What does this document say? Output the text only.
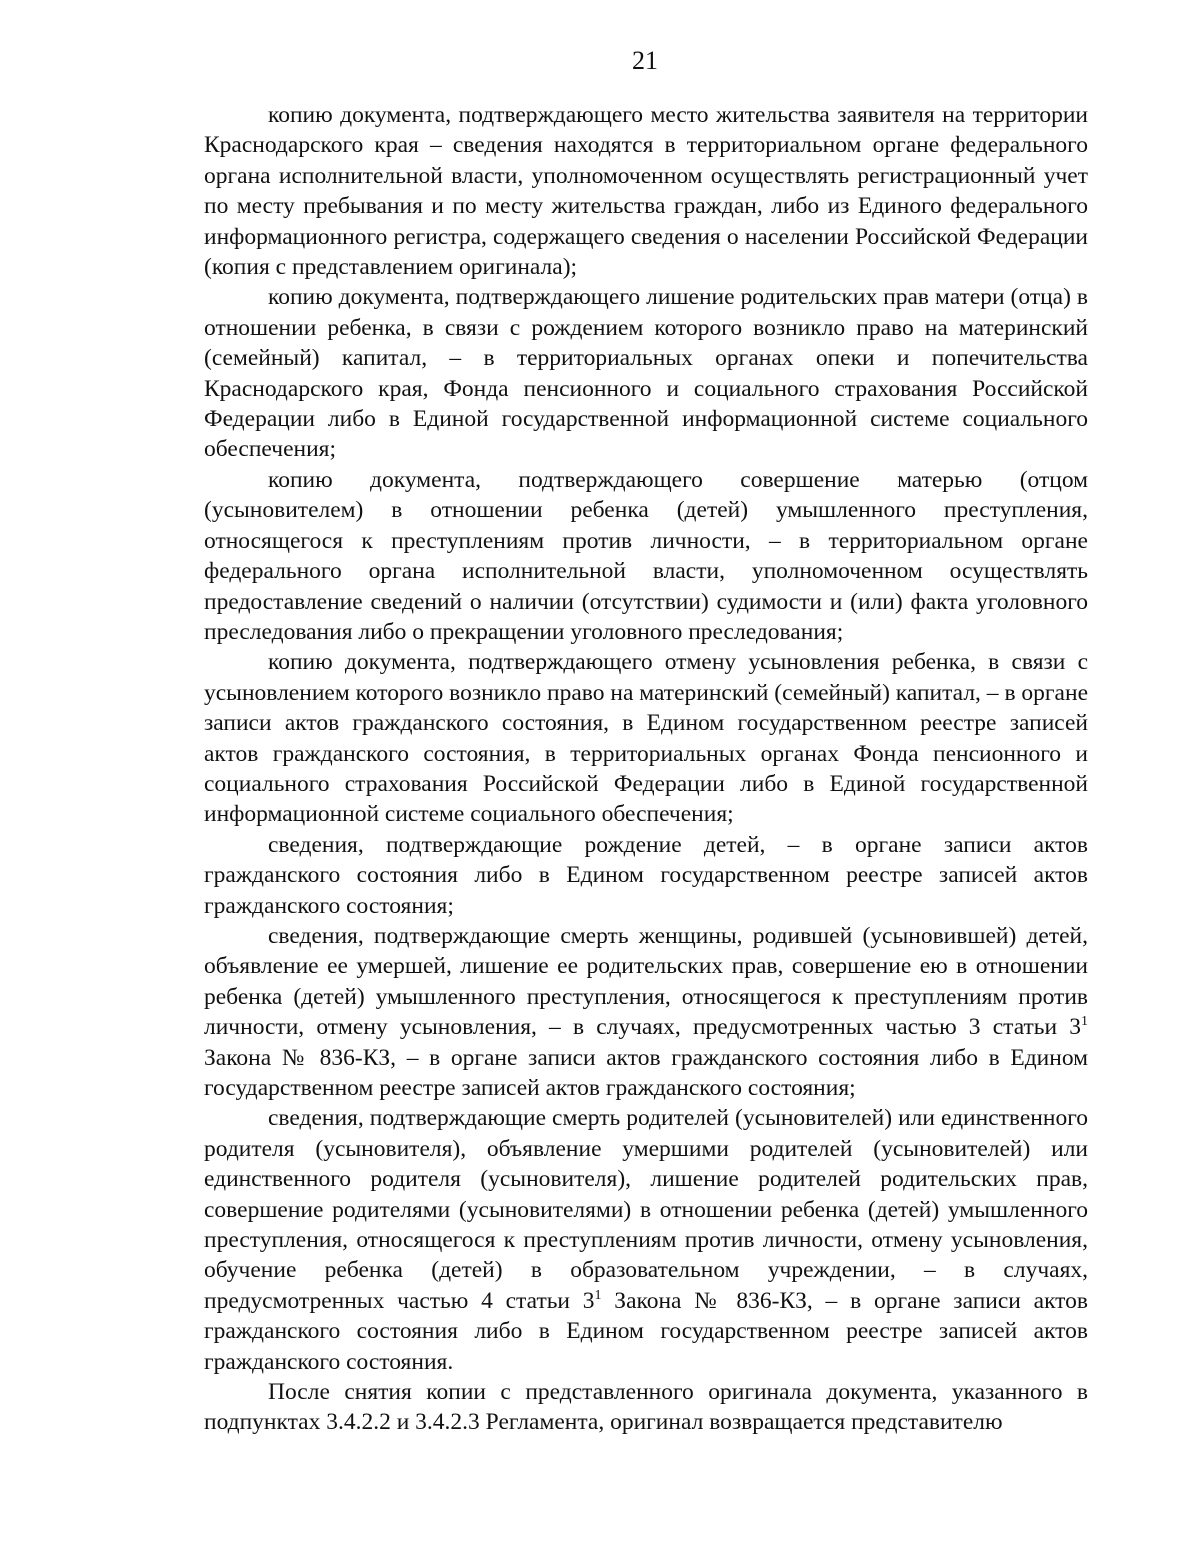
21

копию документа, подтверждающего место жительства заявителя на территории Краснодарского края – сведения находятся в территориальном органе федерального органа исполнительной власти, уполномоченном осуществлять регистрационный учет по месту пребывания и по месту жительства граждан, либо из Единого федерального информационного регистра, содержащего сведения о населении Российской Федерации (копия с представлением оригинала);

копию документа, подтверждающего лишение родительских прав матери (отца) в отношении ребенка, в связи с рождением которого возникло право на материнский (семейный) капитал, – в территориальных органах опеки и попечительства Краснодарского края, Фонда пенсионного и социального страхования Российской Федерации либо в Единой государственной информационной системе социального обеспечения;

копию документа, подтверждающего совершение матерью (отцом (усыновителем) в отношении ребенка (детей) умышленного преступления, относящегося к преступлениям против личности, – в территориальном органе федерального органа исполнительной власти, уполномоченном осуществлять предоставление сведений о наличии (отсутствии) судимости и (или) факта уголовного преследования либо о прекращении уголовного преследования;

копию документа, подтверждающего отмену усыновления ребенка, в связи с усыновлением которого возникло право на материнский (семейный) капитал, – в органе записи актов гражданского состояния, в Едином государственном реестре записей актов гражданского состояния, в территориальных органах Фонда пенсионного и социального страхования Российской Федерации либо в Единой государственной информационной системе социального обеспечения;

сведения, подтверждающие рождение детей, – в органе записи актов гражданского состояния либо в Едином государственном реестре записей актов гражданского состояния;

сведения, подтверждающие смерть женщины, родившей (усыновившей) детей, объявление ее умершей, лишение ее родительских прав, совершение ею в отношении ребенка (детей) умышленного преступления, относящегося к преступлениям против личности, отмену усыновления, – в случаях, предусмотренных частью 3 статьи $3^1$ Закона № 836-КЗ, – в органе записи актов гражданского состояния либо в Едином государственном реестре записей актов гражданского состояния;

сведения, подтверждающие смерть родителей (усыновителей) или единственного родителя (усыновителя), объявление умершими родителей (усыновителей) или единственного родителя (усыновителя), лишение родителей родительских прав, совершение родителями (усыновителями) в отношении ребенка (детей) умышленного преступления, относящегося к преступлениям против личности, отмену усыновления, обучение ребенка (детей) в образовательном учреждении, – в случаях, предусмотренных частью 4 статьи $3^1$ Закона № 836-КЗ, – в органе записи актов гражданского состояния либо в Едином государственном реестре записей актов гражданского состояния.

После снятия копии с представленного оригинала документа, указанного в подпунктах 3.4.2.2 и 3.4.2.3 Регламента, оригинал возвращается представителю
